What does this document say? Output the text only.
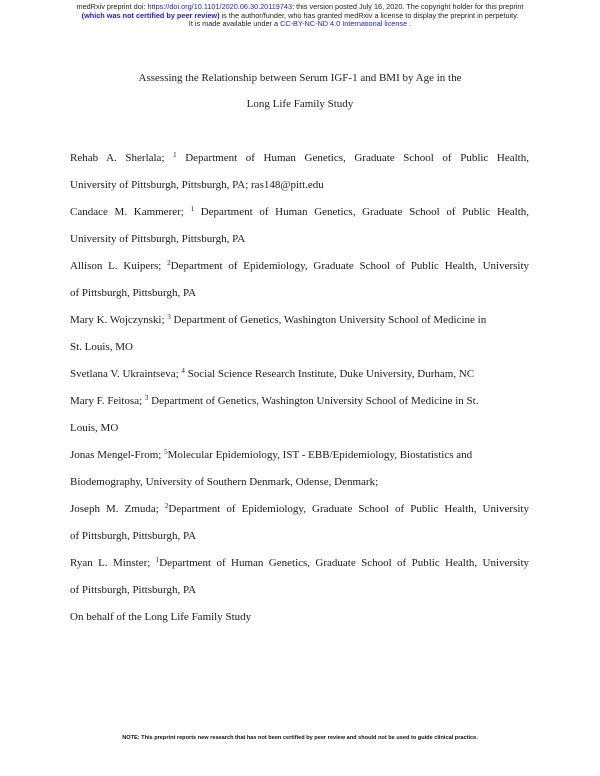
medRxiv preprint doi: https://doi.org/10.1101/2020.06.30.20119743; this version posted July 16, 2020. The copyright holder for this preprint
(which was not certified by peer review) is the author/funder, who has granted medRxiv a license to display the preprint in perpetuity.
It is made available under a CC-BY-NC-ND 4.0 International license .
Assessing the Relationship between Serum IGF-1 and BMI by Age in the
Long Life Family Study
Rehab A. Sherlala; $^1$ Department of Human Genetics, Graduate School of Public Health,
University of Pittsburgh, Pittsburgh, PA; ras148@pitt.edu
Candace M. Kammerer; $^1$ Department of Human Genetics, Graduate School of Public Health,
University of Pittsburgh, Pittsburgh, PA
Allison L. Kuipers; $^2$Department of Epidemiology, Graduate School of Public Health, University
of Pittsburgh, Pittsburgh, PA
Mary K. Wojczynski; $^3$ Department of Genetics, Washington University School of Medicine in
St. Louis, MO
Svetlana V. Ukraintseva; $^4$ Social Science Research Institute, Duke University, Durham, NC
Mary F. Feitosa; $^3$ Department of Genetics, Washington University School of Medicine in St.
Louis, MO
Jonas Mengel-From; $^5$Molecular Epidemiology, IST - EBB/Epidemiology, Biostatistics and
Biodemography, University of Southern Denmark, Odense, Denmark;
Joseph M. Zmuda; $^2$Department of Epidemiology, Graduate School of Public Health, University
of Pittsburgh, Pittsburgh, PA
Ryan L. Minster; $^1$Department of Human Genetics, Graduate School of Public Health, University
of Pittsburgh, Pittsburgh, PA
On behalf of the Long Life Family Study
NOTE: This preprint reports new research that has not been certified by peer review and should not be used to guide clinical practice.
